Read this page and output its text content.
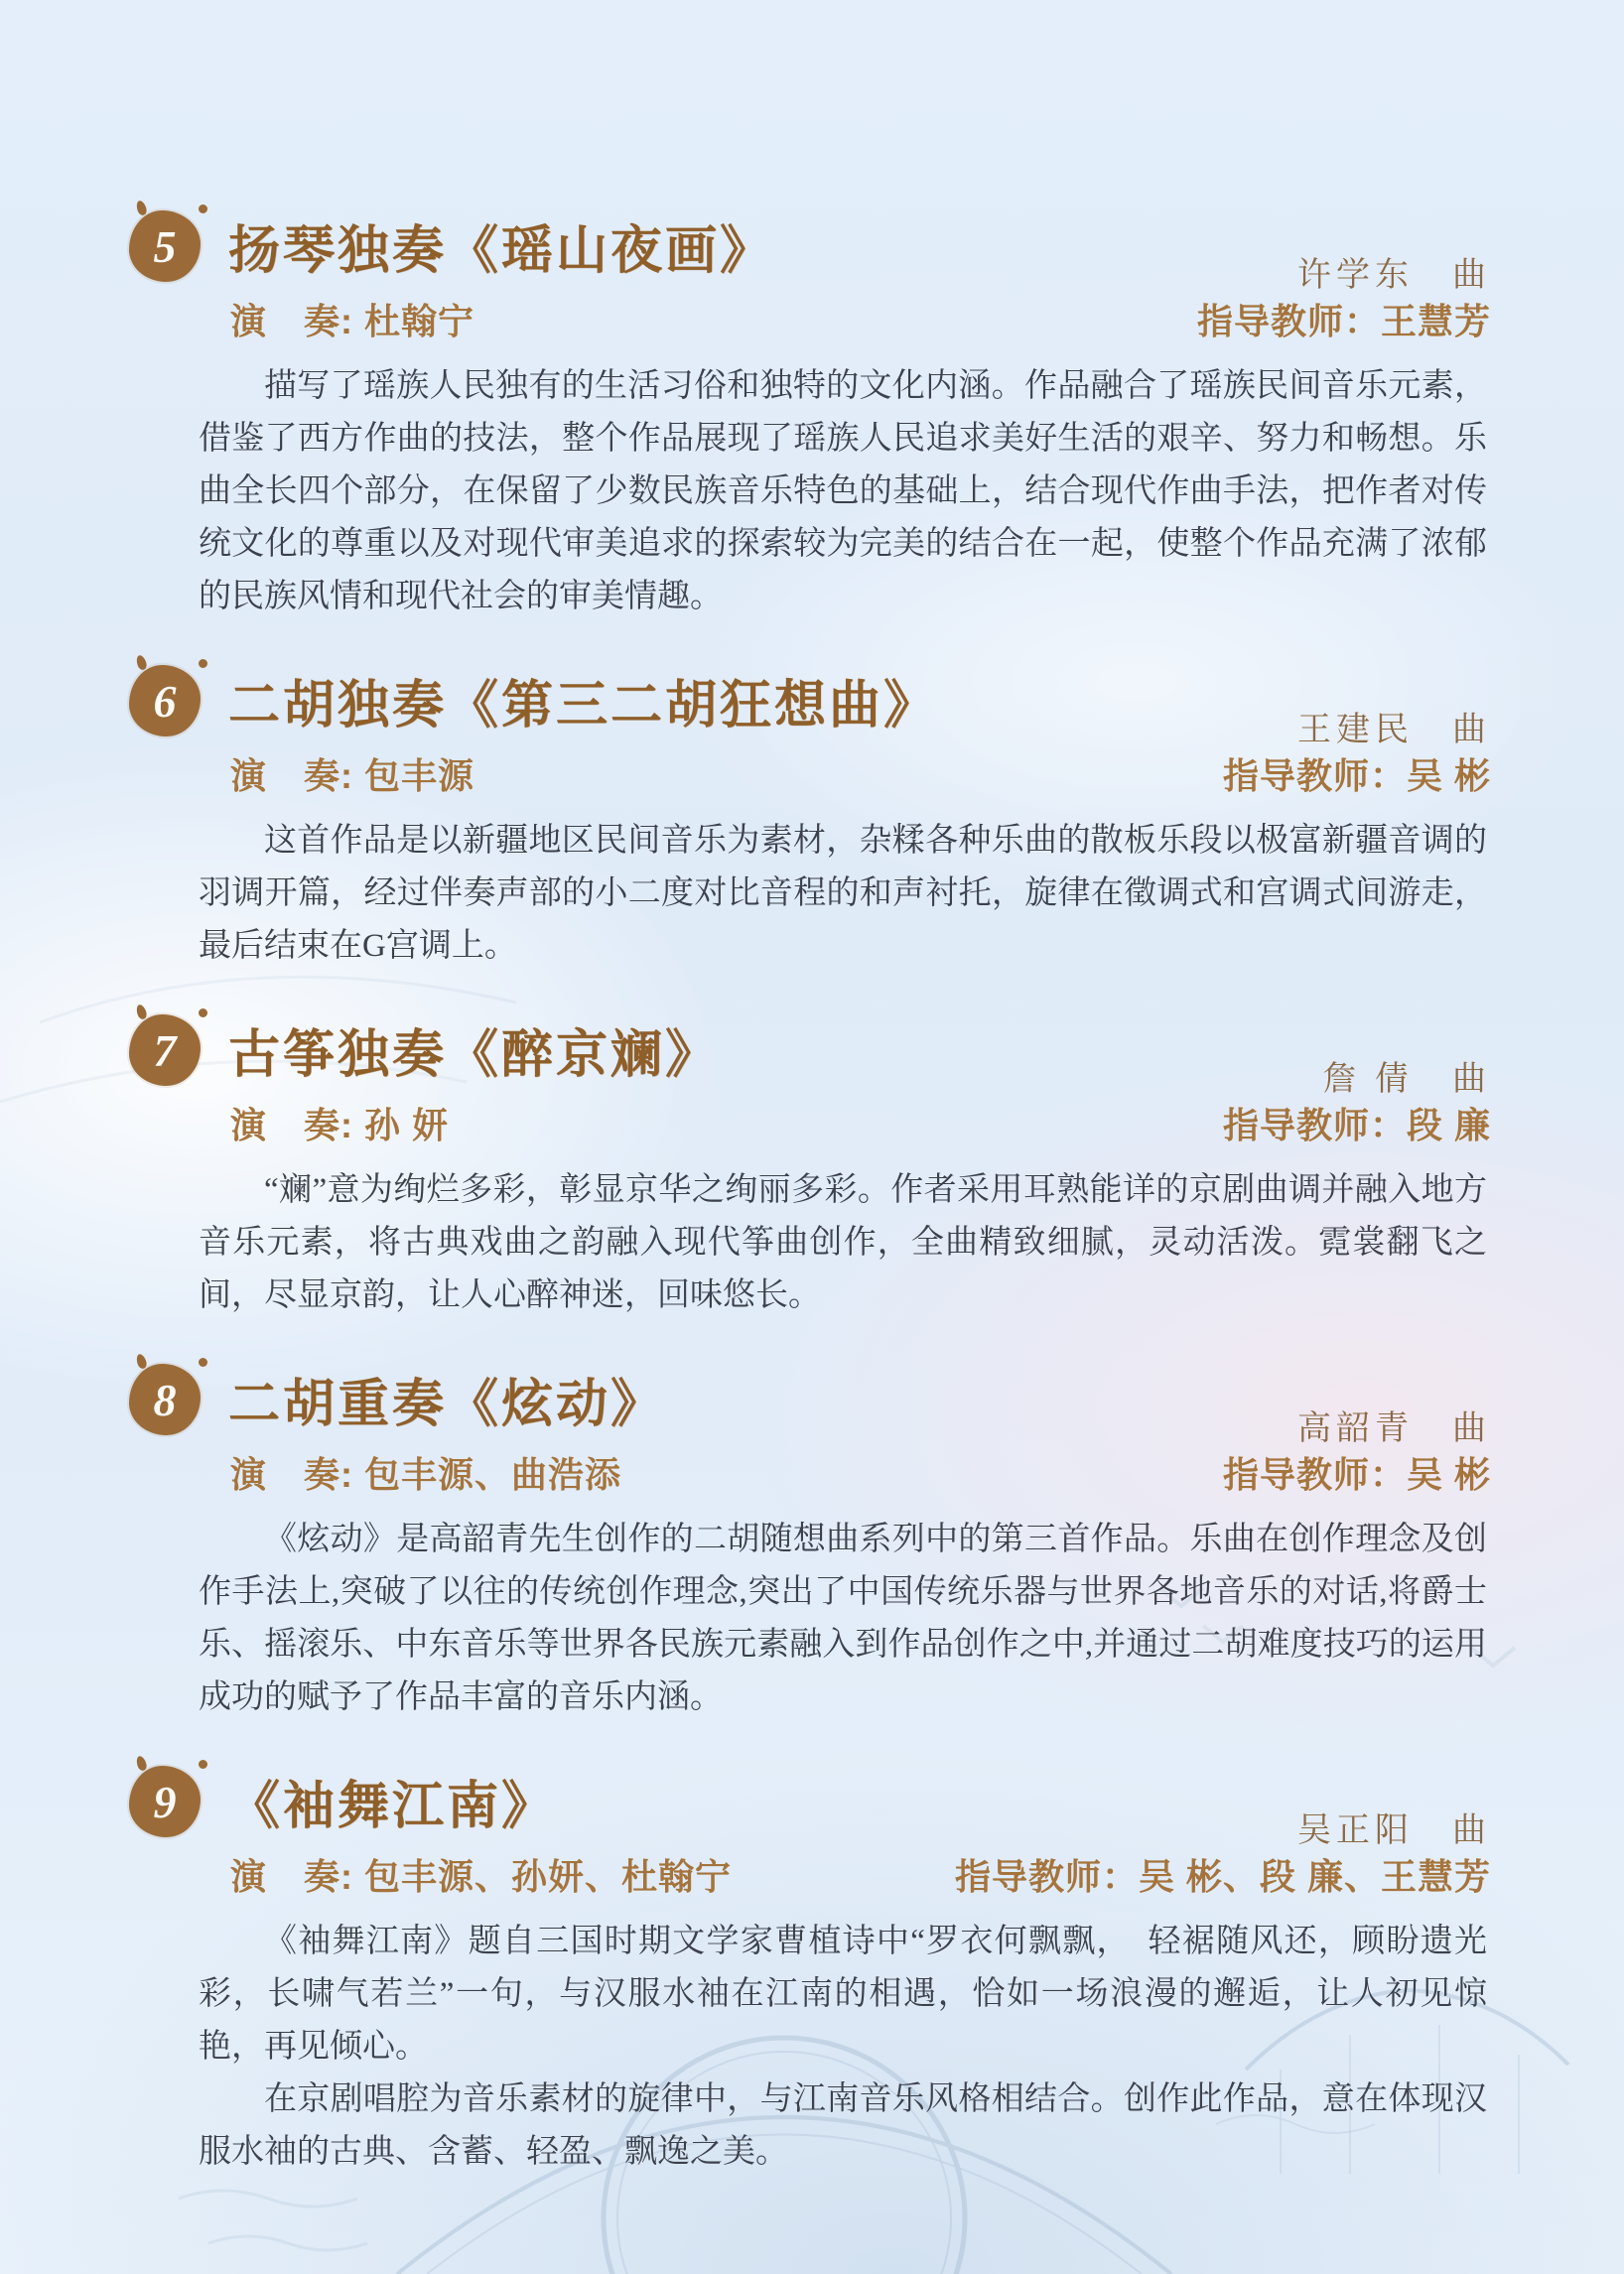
5 扬琴独奏《瑶山夜画》	许学东　曲
演　奏: 杜翰宁	指导教师：王慧芳

描写了瑶族人民独有的生活习俗和独特的文化内涵。作品融合了瑶族民间音乐元素，借鉴了西方作曲的技法，整个作品展现了瑶族人民追求美好生活的艰辛、努力和畅想。乐曲全长四个部分，在保留了少数民族音乐特色的基础上，结合现代作曲手法，把作者对传统文化的尊重以及对现代审美追求的探索较为完美的结合在一起，使整个作品充满了浓郁的民族风情和现代社会的审美情趣。

6 二胡独奏《第三二胡狂想曲》	王建民　曲
演　奏: 包丰源	指导教师：吴 彬

这首作品是以新疆地区民间音乐为素材，杂糅各种乐曲的散板乐段以极富新疆音调的羽调开篇，经过伴奏声部的小二度对比音程的和声衬托，旋律在徵调式和宫调式间游走，最后结束在G宫调上。

7 古筝独奏《醉京斓》	詹 倩　曲
演　奏: 孙 妍	指导教师：段 廉

“斓”意为绚烂多彩，彰显京华之绚丽多彩。作者采用耳熟能详的京剧曲调并融入地方音乐元素，将古典戏曲之韵融入现代筝曲创作，全曲精致细腻，灵动活泼。霓裳翻飞之间，尽显京韵，让人心醉神迷，回味悠长。

8 二胡重奏《炫动》	高韶青　曲
演　奏: 包丰源、曲浩添	指导教师：吴 彬

《炫动》是高韶青先生创作的二胡随想曲系列中的第三首作品。乐曲在创作理念及创作手法上,突破了以往的传统创作理念,突出了中国传统乐器与世界各地音乐的对话,将爵士乐、摇滚乐、中东音乐等世界各民族元素融入到作品创作之中,并通过二胡难度技巧的运用成功的赋予了作品丰富的音乐内涵。

9 《袖舞江南》	吴正阳　曲
演　奏: 包丰源、孙妍、杜翰宁	指导教师：吴 彬、段 廉、王慧芳

《袖舞江南》题自三国时期文学家曹植诗中“罗衣何飘飘，　轻裾随风还，顾盼遗光彩，长啸气若兰”一句，与汉服水袖在江南的相遇，恰如一场浪漫的邂逅，让人初见惊艳，再见倾心。

在京剧唱腔为音乐素材的旋律中，与江南音乐风格相结合。创作此作品，意在体现汉服水袖的古典、含蓄、轻盈、飘逸之美。
